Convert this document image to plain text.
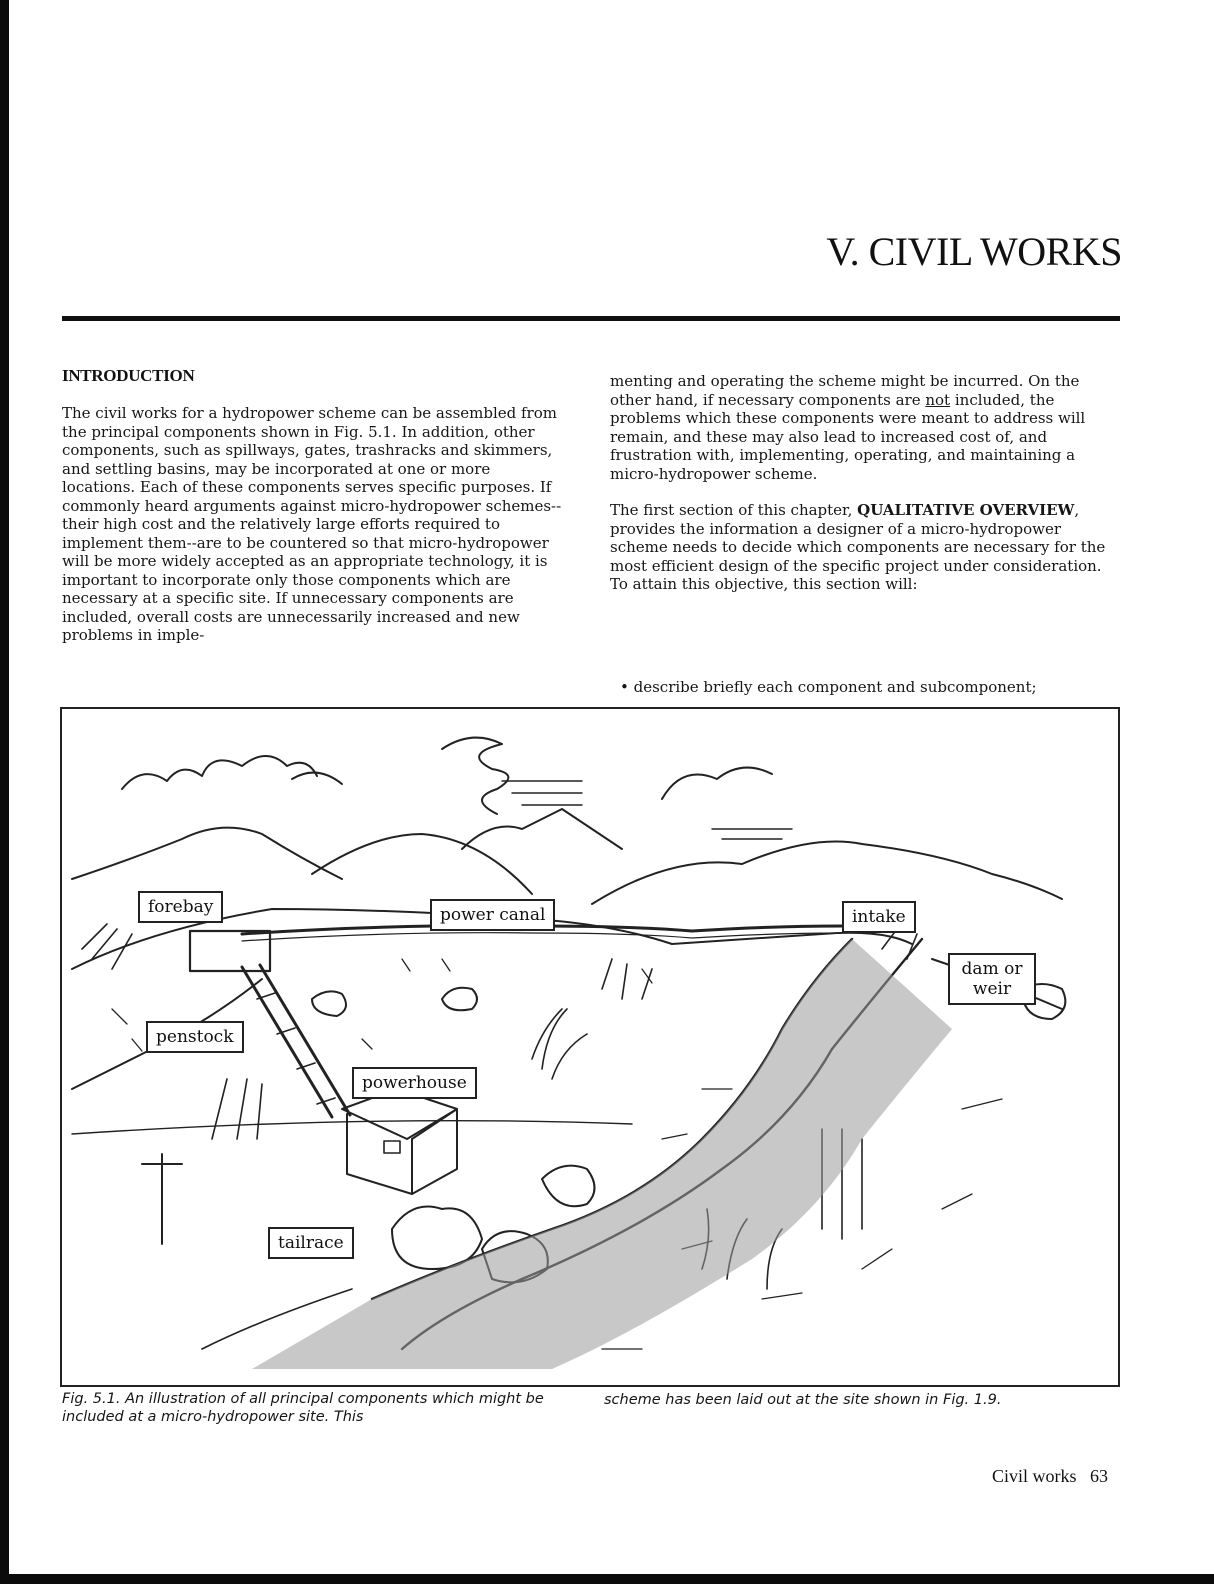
V. CIVIL WORKS
INTRODUCTION

The civil works for a hydropower scheme can be assembled from the principal components shown in Fig. 5.1. In addition, other components, such as spillways, gates, trashracks and skimmers, and settling basins, may be incorporated at one or more locations. Each of these components serves specific purposes. If commonly heard arguments against micro-hydropower schemes--their high cost and the relatively large efforts required to implement them--are to be countered so that micro-hydropower will be more widely accepted as an appropriate technology, it is important to incorporate only those components which are necessary at a specific site. If unnecessary components are included, overall costs are unnecessarily increased and new problems in imple-

menting and operating the scheme might be incurred. On the other hand, if necessary components are not included, the problems which these components were meant to address will remain, and these may also lead to increased cost of, and frustration with, implementing, operating, and maintaining a micro-hydropower scheme.

The first section of this chapter, QUALITATIVE OVERVIEW, provides the information a designer of a micro-hydropower scheme needs to decide which components are necessary for the most efficient design of the specific project under consideration. To attain this objective, this section will:

• describe briefly each component and subcomponent;

forebay	power canal	intake
dam or weir
penstock
powerhouse
tailrace

Fig. 5.1. An illustration of all principal components which might be included at a micro-hydropower site. This

scheme has been laid out at the site shown in Fig. 1.9.

Civil works 63
